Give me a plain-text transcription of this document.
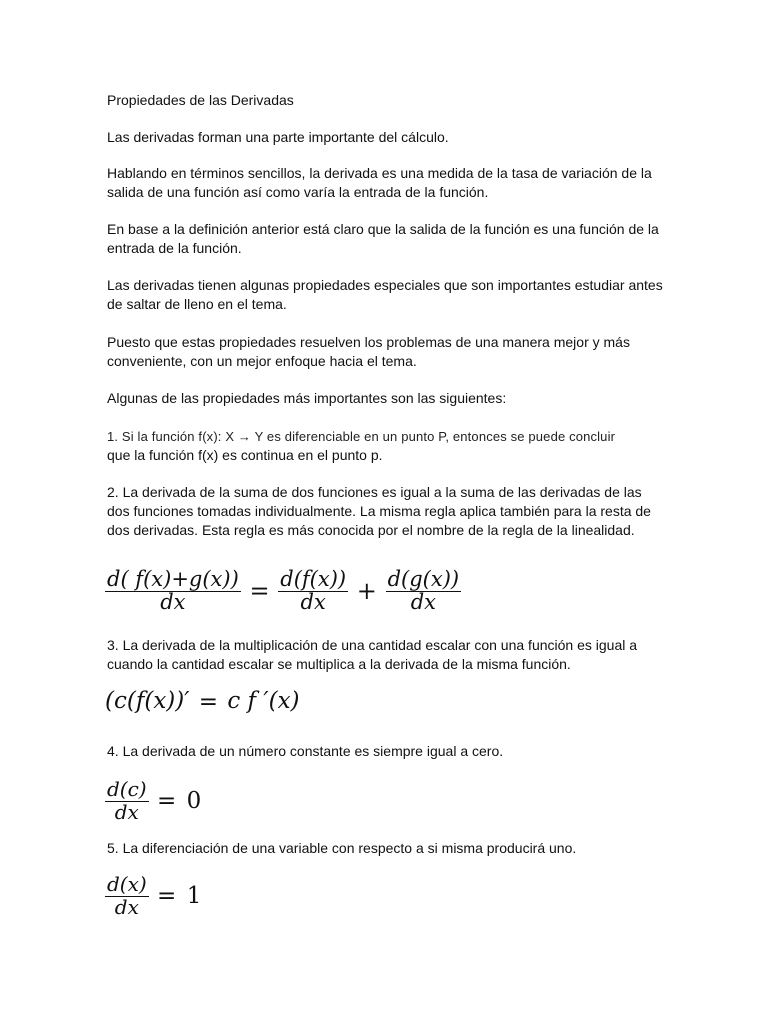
Propiedades de las Derivadas

Las derivadas forman una parte importante del cálculo.

Hablando en términos sencillos, la derivada es una medida de la tasa de variación de la salida de una función así como varía la entrada de la función.

En base a la definición anterior está claro que la salida de la función es una función de la entrada de la función.

Las derivadas tienen algunas propiedades especiales que son importantes estudiar antes de saltar de lleno en el tema.

Puesto que estas propiedades resuelven los problemas de una manera mejor y más conveniente, con un mejor enfoque hacia el tema.

Algunas de las propiedades más importantes son las siguientes:

1. Si la función f(x): X → Y es diferenciable en un punto P, entonces se puede concluir

que la función f(x) es continua en el punto p.

2. La derivada de la suma de dos funciones es igual a la suma de las derivadas de las dos funciones tomadas individualmente. La misma regla aplica también para la resta de dos derivadas. Esta regla es más conocida por el nombre de la regla de la linealidad.

$\frac{d( f(x)+g(x))}{dx} = \frac{d(f(x))}{dx} + \frac{d(g(x))}{dx}$

3. La derivada de la multiplicación de una cantidad escalar con una función es igual a cuando la cantidad escalar se multiplica a la derivada de la misma función.

(c(f(x))′ = c f ′(x)

4. La derivada de un número constante es siempre igual a cero.

$\frac{d(c)}{dx} = 0$

5. La diferenciación de una variable con respecto a si misma producirá uno.

$\frac{d(x)}{dx} = 1$
